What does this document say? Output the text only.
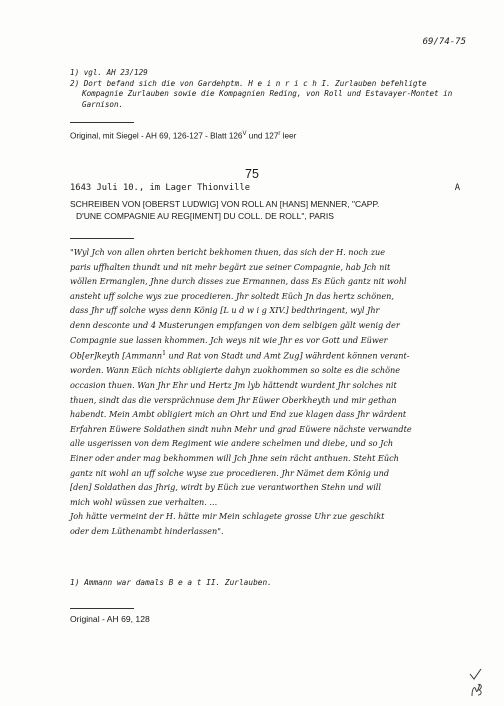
69/74-75
1) vgl. AH 23/129
2) Dort befand sich die von Gardehptm. H e i n r i c h I. Zurlauben befehligte Kompagnie Zurlauben sowie die Kompagnien Reding, von Roll und Estavayer-Montet in Garnison.
Original, mit Siegel - AH 69, 126-127 - Blatt $126^V$ und 127$^r$ leer
75
1643 Juli 10., im Lager Thionville	A
SCHREIBEN VON [OBERST LUDWIG] VON ROLL AN [HANS] MENNER, "CAPP.
D'UNE COMPAGNIE AU REG[IMENT] DU COLL. DE ROLL", PARIS
"Wyl Jch von allen ohrten bericht bekhomen thuen, das sich der H. noch zue
paris uffhalten thundt und nit mehr begärt zue seiner Compagnie, hab Jch nit
wöllen Ermanglen, Jhne durch disses zue Ermannen, dass Es Eüch gantz nit wohl
ansteht uff solche wys zue procedieren. Jhr soltedt Eüch Jn das hertz schönen,
dass Jhr uff solche wyss denn König [L u d w i g XIV.] bedthringent, wyl Jhr
denn desconte und 4 Musterungen empfangen von dem selbigen gält wenig der
Compagnie sue lassen khommen. Jch weys nit wie Jhr es vor Gott und Eüwer
Ob[er]keyth [Ammann$^1$ und Rat von Stadt und Amt Zug] währdent können verant-
worden. Wann Eüch nichts obligierte dahyn zuokhommen so solte es die schöne
occasion thuen. Wan Jhr Ehr und Hertz Jm lyb hättendt wurdent Jhr solches nit
thuen, sindt das die versprächnuse dem Jhr Eüwer Oberkheyth und mir gethan
habendt. Mein Ambt obligiert mich an Ohrt und End zue klagen dass Jhr wärdent
Erfahren Eüwere Soldathen sindt nuhn Mehr und grad Eüwere nächste verwandte
alle usgerissen von dem Regiment wie andere schelmen und diebe, und so Jch
Einer oder ander mag bekhommen will Jch Jhne sein rächt anthuen. Steht Eüch
gantz nit wohl an uff solche wyse zue procedieren. Jhr Nämet dem König und
[den] Soldathen das Jhrig, wirdt by Eüch zue verantworthen Stehn und will
mich wohl wüssen zue verhalten. ...
Joh hätte vermeint der H. hätte mir Mein schlagete grosse Uhr zue geschikt
oder dem Lüthenambt hinderlassen".
1) Ammann war damals B e a t II. Zurlauben.
Original - AH 69, 128
